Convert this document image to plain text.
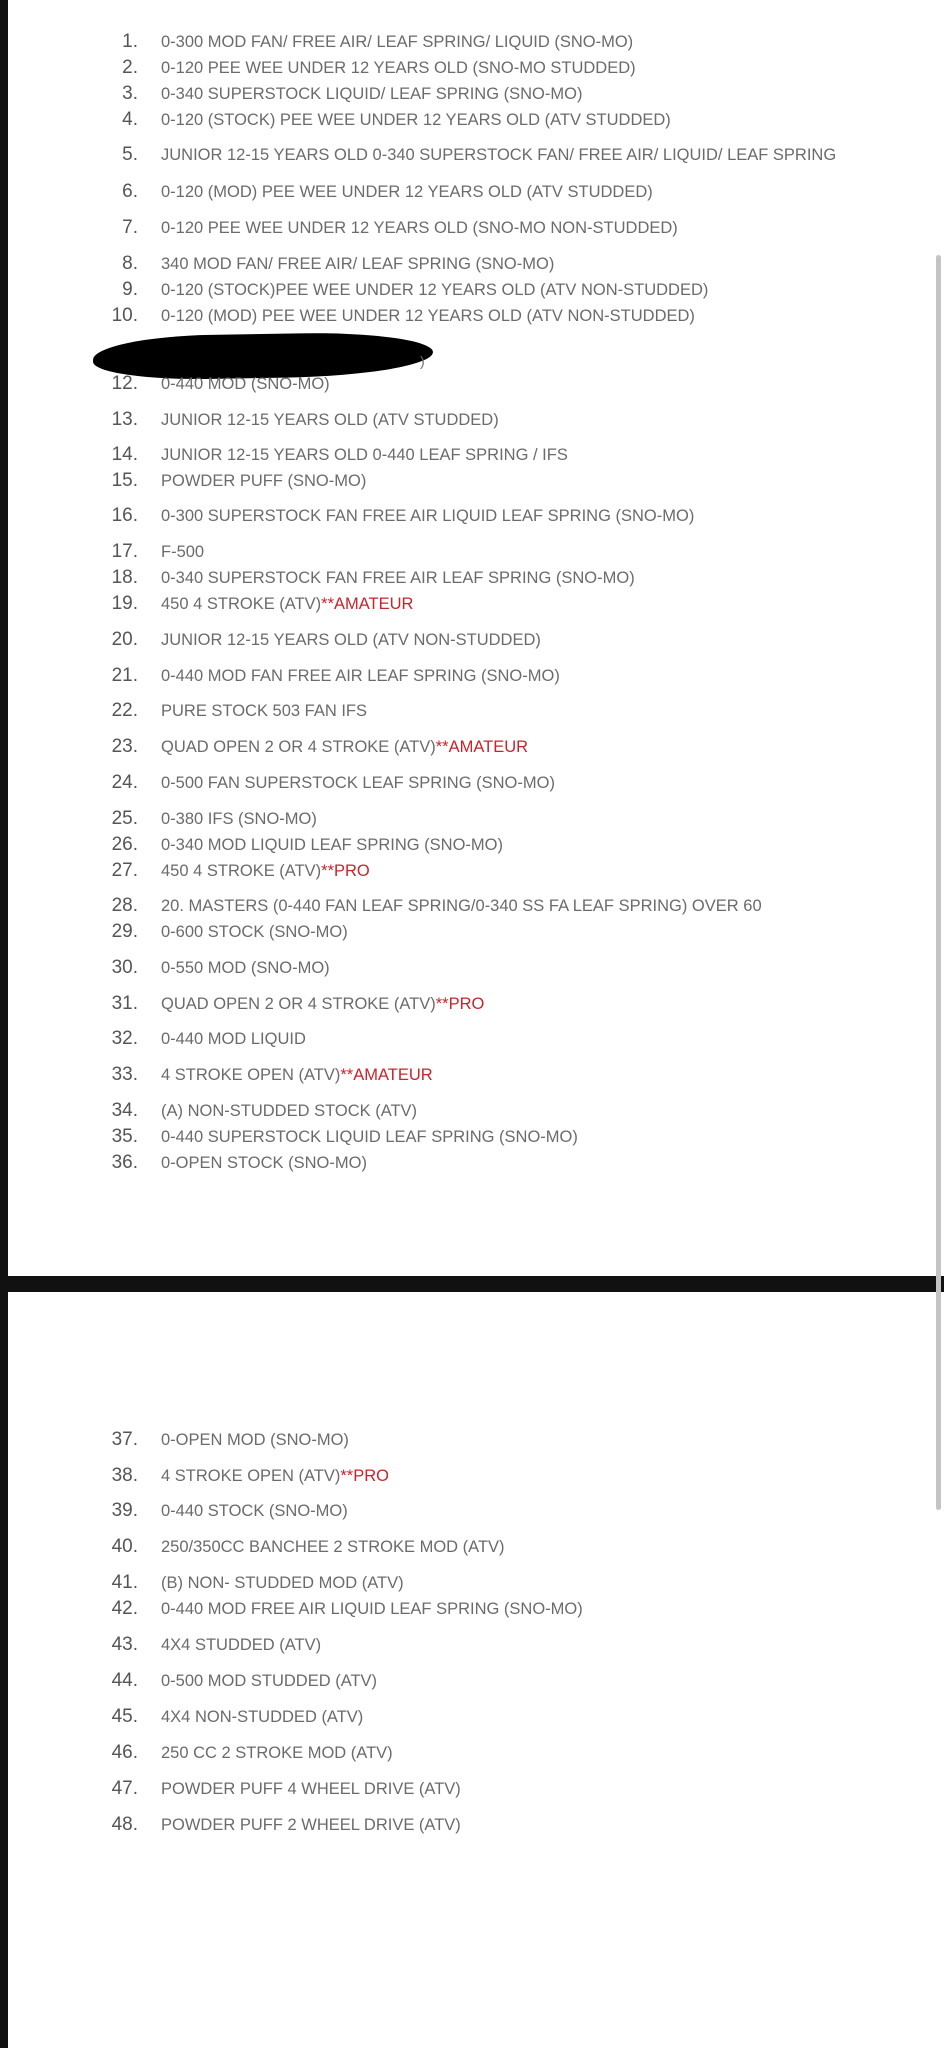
)
1. 0-300 MOD FAN/ FREE AIR/ LEAF SPRING/ LIQUID (SNO-MO)
2. 0-120 PEE WEE UNDER 12 YEARS OLD (SNO-MO STUDDED)
3. 0-340 SUPERSTOCK LIQUID/ LEAF SPRING (SNO-MO)
4. 0-120 (STOCK) PEE WEE UNDER 12 YEARS OLD (ATV STUDDED)
5. JUNIOR 12-15 YEARS OLD 0-340 SUPERSTOCK FAN/ FREE AIR/ LIQUID/ LEAF SPRING
6. 0-120 (MOD) PEE WEE UNDER 12 YEARS OLD (ATV STUDDED)
7. 0-120 PEE WEE UNDER 12 YEARS OLD (SNO-MO NON-STUDDED)
8. 340 MOD FAN/ FREE AIR/ LEAF SPRING (SNO-MO)
9. 0-120 (STOCK)PEE WEE UNDER 12 YEARS OLD (ATV NON-STUDDED)
10. 0-120 (MOD) PEE WEE UNDER 12 YEARS OLD (ATV NON-STUDDED)
12. 0-440 MOD (SNO-MO)
13. JUNIOR 12-15 YEARS OLD (ATV STUDDED)
14. JUNIOR 12-15 YEARS OLD 0-440 LEAF SPRING / IFS
15. POWDER PUFF (SNO-MO)
16. 0-300 SUPERSTOCK FAN FREE AIR LIQUID LEAF SPRING (SNO-MO)
17. F-500
18. 0-340 SUPERSTOCK FAN FREE AIR LEAF SPRING (SNO-MO)
19. 450 4 STROKE (ATV)**AMATEUR
20. JUNIOR 12-15 YEARS OLD (ATV NON-STUDDED)
21. 0-440 MOD FAN FREE AIR LEAF SPRING (SNO-MO)
22. PURE STOCK 503 FAN IFS
23. QUAD OPEN 2 OR 4 STROKE (ATV)**AMATEUR
24. 0-500 FAN SUPERSTOCK LEAF SPRING (SNO-MO)
25. 0-380 IFS (SNO-MO)
26. 0-340 MOD LIQUID LEAF SPRING (SNO-MO)
27. 450 4 STROKE (ATV)**PRO
28. 20. MASTERS (0-440 FAN LEAF SPRING/0-340 SS FA LEAF SPRING) OVER 60
29. 0-600 STOCK (SNO-MO)
30. 0-550 MOD (SNO-MO)
31. QUAD OPEN 2 OR 4 STROKE (ATV)**PRO
32. 0-440 MOD LIQUID
33. 4 STROKE OPEN (ATV)**AMATEUR
34. (A) NON-STUDDED STOCK (ATV)
35. 0-440 SUPERSTOCK LIQUID LEAF SPRING (SNO-MO)
36. 0-OPEN STOCK (SNO-MO)
37. 0-OPEN MOD (SNO-MO)
38. 4 STROKE OPEN (ATV)**PRO
39. 0-440 STOCK (SNO-MO)
40. 250/350CC BANCHEE 2 STROKE MOD (ATV)
41. (B) NON- STUDDED MOD (ATV)
42. 0-440 MOD FREE AIR LIQUID LEAF SPRING (SNO-MO)
43. 4X4 STUDDED (ATV)
44. 0-500 MOD STUDDED (ATV)
45. 4X4 NON-STUDDED (ATV)
46. 250 CC 2 STROKE MOD (ATV)
47. POWDER PUFF 4 WHEEL DRIVE (ATV)
48. POWDER PUFF 2 WHEEL DRIVE (ATV)
